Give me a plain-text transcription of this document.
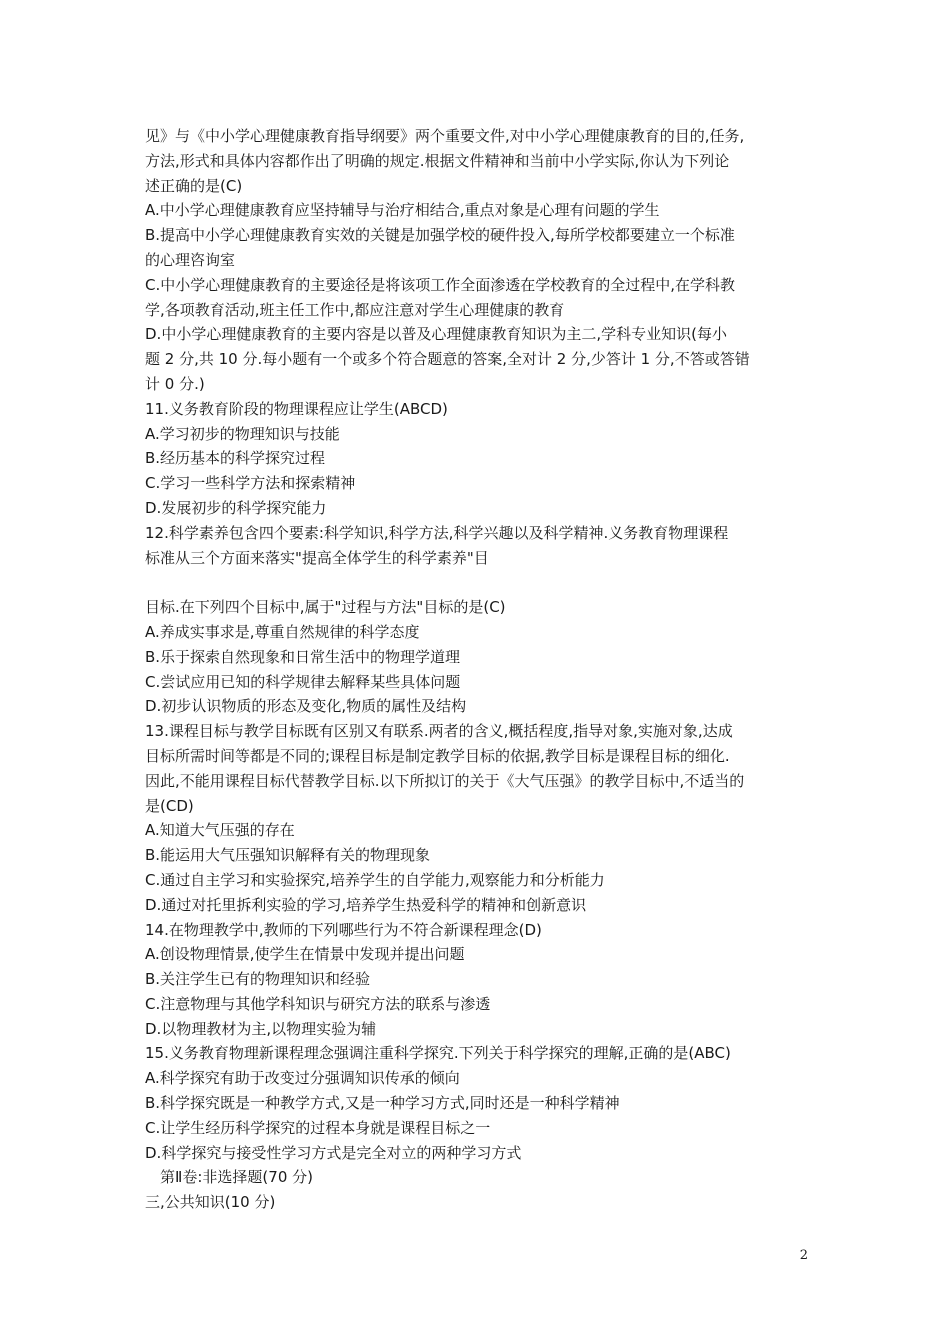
见》与《中小学心理健康教育指导纲要》两个重要文件,对中小学心理健康教育的目的,任务,
方法,形式和具体内容都作出了明确的规定.根据文件精神和当前中小学实际,你认为下列论
述正确的是(C)
A.中小学心理健康教育应坚持辅导与治疗相结合,重点对象是心理有问题的学生
B.提高中小学心理健康教育实效的关键是加强学校的硬件投入,每所学校都要建立一个标准
的心理咨询室
C.中小学心理健康教育的主要途径是将该项工作全面渗透在学校教育的全过程中,在学科教
学,各项教育活动,班主任工作中,都应注意对学生心理健康的教育
D.中小学心理健康教育的主要内容是以普及心理健康教育知识为主二,学科专业知识(每小
题 2 分,共 10 分.每小题有一个或多个符合题意的答案,全对计 2 分,少答计 1 分,不答或答错
计 0 分.)
11.义务教育阶段的物理课程应让学生(ABCD)
A.学习初步的物理知识与技能
B.经历基本的科学探究过程
C.学习一些科学方法和探索精神
D.发展初步的科学探究能力
12.科学素养包含四个要素:科学知识,科学方法,科学兴趣以及科学精神.义务教育物理课程
标准从三个方面来落实"提高全体学生的科学素养"目
目标.在下列四个目标中,属于"过程与方法"目标的是(C)
A.养成实事求是,尊重自然规律的科学态度
B.乐于探索自然现象和日常生活中的物理学道理
C.尝试应用已知的科学规律去解释某些具体问题
D.初步认识物质的形态及变化,物质的属性及结构
13.课程目标与教学目标既有区别又有联系.两者的含义,概括程度,指导对象,实施对象,达成
目标所需时间等都是不同的;课程目标是制定教学目标的依据,教学目标是课程目标的细化.
因此,不能用课程目标代替教学目标.以下所拟订的关于《大气压强》的教学目标中,不适当的
是(CD)
A.知道大气压强的存在
B.能运用大气压强知识解释有关的物理现象
C.通过自主学习和实验探究,培养学生的自学能力,观察能力和分析能力
D.通过对托里拆利实验的学习,培养学生热爱科学的精神和创新意识
14.在物理教学中,教师的下列哪些行为不符合新课程理念(D)
A.创设物理情景,使学生在情景中发现并提出问题
B.关注学生已有的物理知识和经验
C.注意物理与其他学科知识与研究方法的联系与渗透
D.以物理教材为主,以物理实验为辅
15.义务教育物理新课程理念强调注重科学探究.下列关于科学探究的理解,正确的是(ABC)
A.科学探究有助于改变过分强调知识传承的倾向
B.科学探究既是一种教学方式,又是一种学习方式,同时还是一种科学精神
C.让学生经历科学探究的过程本身就是课程目标之一
D.科学探究与接受性学习方式是完全对立的两种学习方式
第Ⅱ卷:非选择题(70 分)
三,公共知识(10 分)
2
